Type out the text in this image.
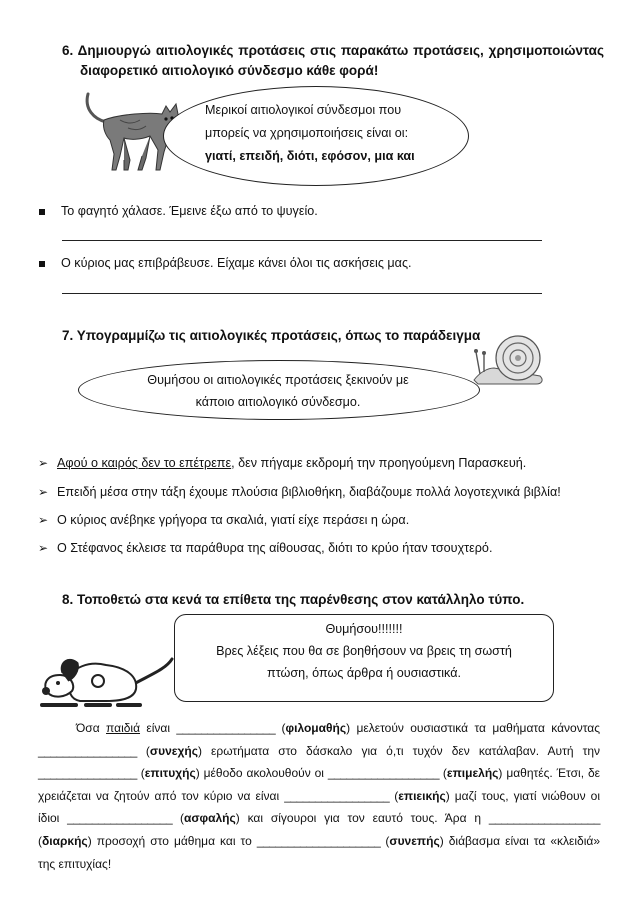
6. Δημιουργώ αιτιολογικές προτάσεις στις παρακάτω προτάσεις, χρησιμοποιώντας
διαφορετικό αιτιολογικό σύνδεσμο κάθε φορά!
Μερικοί αιτιολογικοί σύνδεσμοι που
μπορείς να χρησιμοποιήσεις είναι οι:
γιατί, επειδή, διότι, εφόσον, μια και
Το φαγητό χάλασε. Έμεινε έξω από το ψυγείο.
Ο κύριος μας επιβράβευσε. Είχαμε κάνει όλοι τις ασκήσεις μας.
7. Υπογραμμίζω τις αιτιολογικές προτάσεις, όπως το παράδειγμα
Θυμήσου οι αιτιολογικές προτάσεις ξεκινούν με
κάποιο αιτιολογικό σύνδεσμο.
➢ Αφού ο καιρός δεν το επέτρεπε, δεν πήγαμε εκδρομή την προηγούμενη Παρασκευή.
➢ Επειδή μέσα στην τάξη έχουμε πλούσια βιβλιοθήκη, διαβάζουμε πολλά λογοτεχνικά βιβλία!
➢ Ο κύριος ανέβηκε γρήγορα τα σκαλιά, γιατί είχε περάσει η ώρα.
➢ Ο Στέφανος έκλεισε τα παράθυρα της αίθουσας, διότι το κρύο ήταν τσουχτερό.
8. Τοποθετώ στα κενά τα επίθετα της παρένθεσης στον κατάλληλο τύπο.
Θυμήσου!!!!!!!
Βρες λέξεις που θα σε βοηθήσουν να βρεις τη σωστή
πτώση, όπως άρθρα ή ουσιαστικά.
Όσα παιδιά είναι ________________ (φιλομαθής) μελετούν ουσιαστικά τα μαθήματα κάνοντας ________________ (συνεχής) ερωτήματα στο δάσκαλο για ό,τι τυχόν δεν κατάλαβαν. Αυτή την ________________ (επιτυχής) μέθοδο ακολουθούν οι __________________ (επιμελής) μαθητές. Έτσι, δε χρειάζεται να ζητούν από τον κύριο να είναι _________________ (επιεικής) μαζί τους, γιατί νιώθουν οι ίδιοι _________________ (ασφαλής) και σίγουροι για τον εαυτό τους. Άρα η __________________ (διαρκής) προσοχή στο μάθημα και το ____________________ (συνεπής) διάβασμα είναι τα «κλειδιά» της επιτυχίας!
